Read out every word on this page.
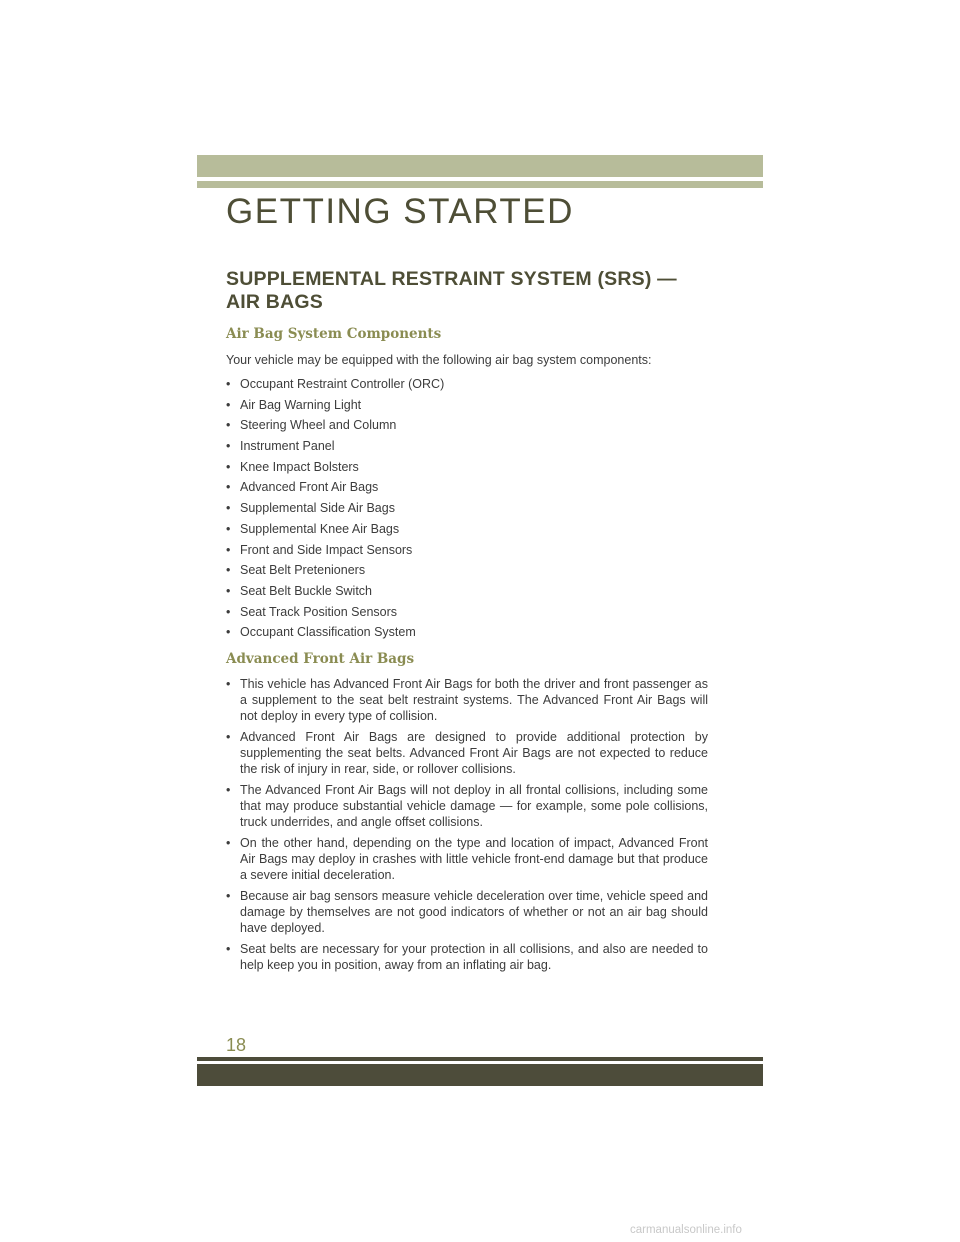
GETTING STARTED
SUPPLEMENTAL RESTRAINT SYSTEM (SRS) —
AIR BAGS
Air Bag System Components

Your vehicle may be equipped with the following air bag system components:

• Occupant Restraint Controller (ORC)
• Air Bag Warning Light
• Steering Wheel and Column
• Instrument Panel
• Knee Impact Bolsters
• Advanced Front Air Bags
• Supplemental Side Air Bags
• Supplemental Knee Air Bags
• Front and Side Impact Sensors
• Seat Belt Pretenioners
• Seat Belt Buckle Switch
• Seat Track Position Sensors
• Occupant Classification System
Advanced Front Air Bags
• This vehicle has Advanced Front Air Bags for both the driver and front passenger as a supplement to the seat belt restraint systems. The Advanced Front Air Bags will not deploy in every type of collision.
• Advanced Front Air Bags are designed to provide additional protection by supplementing the seat belts. Advanced Front Air Bags are not expected to reduce the risk of injury in rear, side, or rollover collisions.
• The Advanced Front Air Bags will not deploy in all frontal collisions, including some that may produce substantial vehicle damage — for example, some pole collisions, truck underrides, and angle offset collisions.
• On the other hand, depending on the type and location of impact, Advanced Front Air Bags may deploy in crashes with little vehicle front-end damage but that produce a severe initial deceleration.
• Because air bag sensors measure vehicle deceleration over time, vehicle speed and damage by themselves are not good indicators of whether or not an air bag should have deployed.
• Seat belts are necessary for your protection in all collisions, and also are needed to help keep you in position, away from an inflating air bag.
18
carmanualsonline.info
